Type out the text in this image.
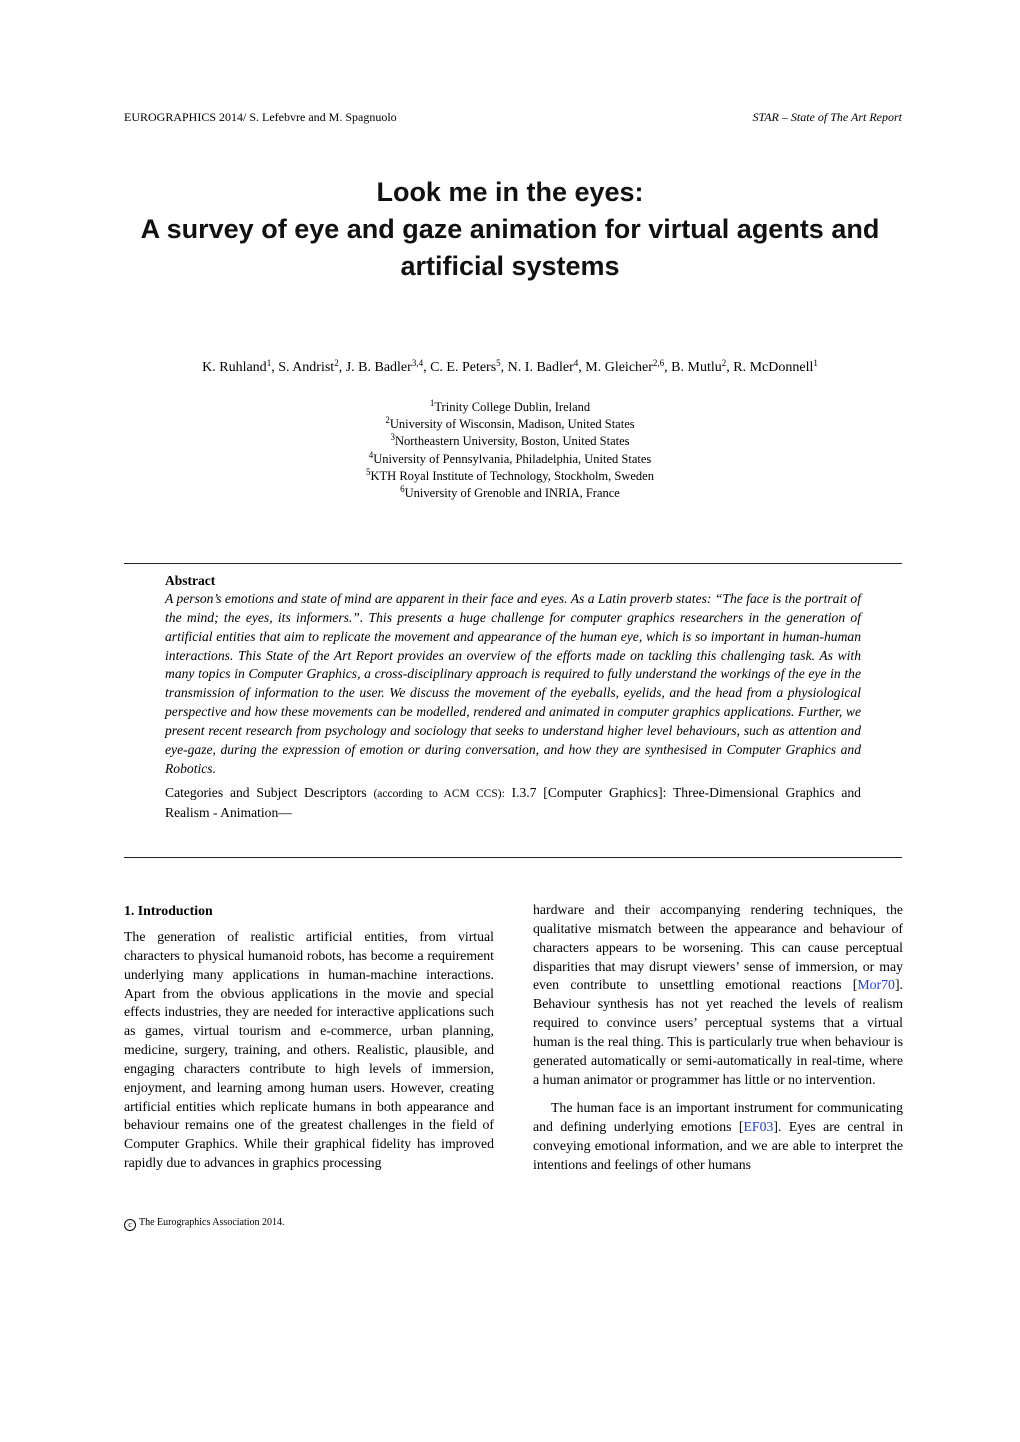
EUROGRAPHICS 2014/ S. Lefebvre and M. Spagnuolo	STAR – State of The Art Report
Look me in the eyes:
A survey of eye and gaze animation for virtual agents and
artificial systems
K. Ruhland$^1$, S. Andrist$^2$, J. B. Badler$^{3,4}$, C. E. Peters$^5$, N. I. Badler$^4$, M. Gleicher$^{2,6}$, B. Mutlu$^2$, R. McDonnell$^1$
$^1$Trinity College Dublin, Ireland
$^2$University of Wisconsin, Madison, United States
$^3$Northeastern University, Boston, United States
$^4$University of Pennsylvania, Philadelphia, United States
$^5$KTH Royal Institute of Technology, Stockholm, Sweden
$^6$University of Grenoble and INRIA, France
Abstract
A person’s emotions and state of mind are apparent in their face and eyes. As a Latin proverb states: “The face is the portrait of the mind; the eyes, its informers.”. This presents a huge challenge for computer graphics researchers in the generation of artificial entities that aim to replicate the movement and appearance of the human eye, which is so important in human-human interactions. This State of the Art Report provides an overview of the efforts made on tackling this challenging task. As with many topics in Computer Graphics, a cross-disciplinary approach is required to fully understand the workings of the eye in the transmission of information to the user. We discuss the movement of the eyeballs, eyelids, and the head from a physiological perspective and how these movements can be modelled, rendered and animated in computer graphics applications. Further, we present recent research from psychology and sociology that seeks to understand higher level behaviours, such as attention and eye-gaze, during the expression of emotion or during conversation, and how they are synthesised in Computer Graphics and Robotics.
Categories and Subject Descriptors (according to ACM CCS): I.3.7 [Computer Graphics]: Three-Dimensional Graphics and Realism - Animation—
1. Introduction

The generation of realistic artificial entities, from virtual characters to physical humanoid robots, has become a requirement underlying many applications in human-machine interactions. Apart from the obvious applications in the movie and special effects industries, they are needed for interactive applications such as games, virtual tourism and e-commerce, urban planning, medicine, surgery, training, and others. Realistic, plausible, and engaging characters contribute to high levels of immersion, enjoyment, and learning among human users. However, creating artificial entities which replicate humans in both appearance and behaviour remains one of the greatest challenges in the field of Computer Graphics. While their graphical fidelity has improved rapidly due to advances in graphics processing

hardware and their accompanying rendering techniques, the qualitative mismatch between the appearance and behaviour of characters appears to be worsening. This can cause perceptual disparities that may disrupt viewers’ sense of immersion, or may even contribute to unsettling emotional reactions [Mor70]. Behaviour synthesis has not yet reached the levels of realism required to convince users’ perceptual systems that a virtual human is the real thing. This is particularly true when behaviour is generated automatically or semi-automatically in real-time, where a human animator or programmer has little or no intervention.

The human face is an important instrument for communicating and defining underlying emotions [EF03]. Eyes are central in conveying emotional information, and we are able to interpret the intentions and feelings of other humans

c The Eurographics Association 2014.
